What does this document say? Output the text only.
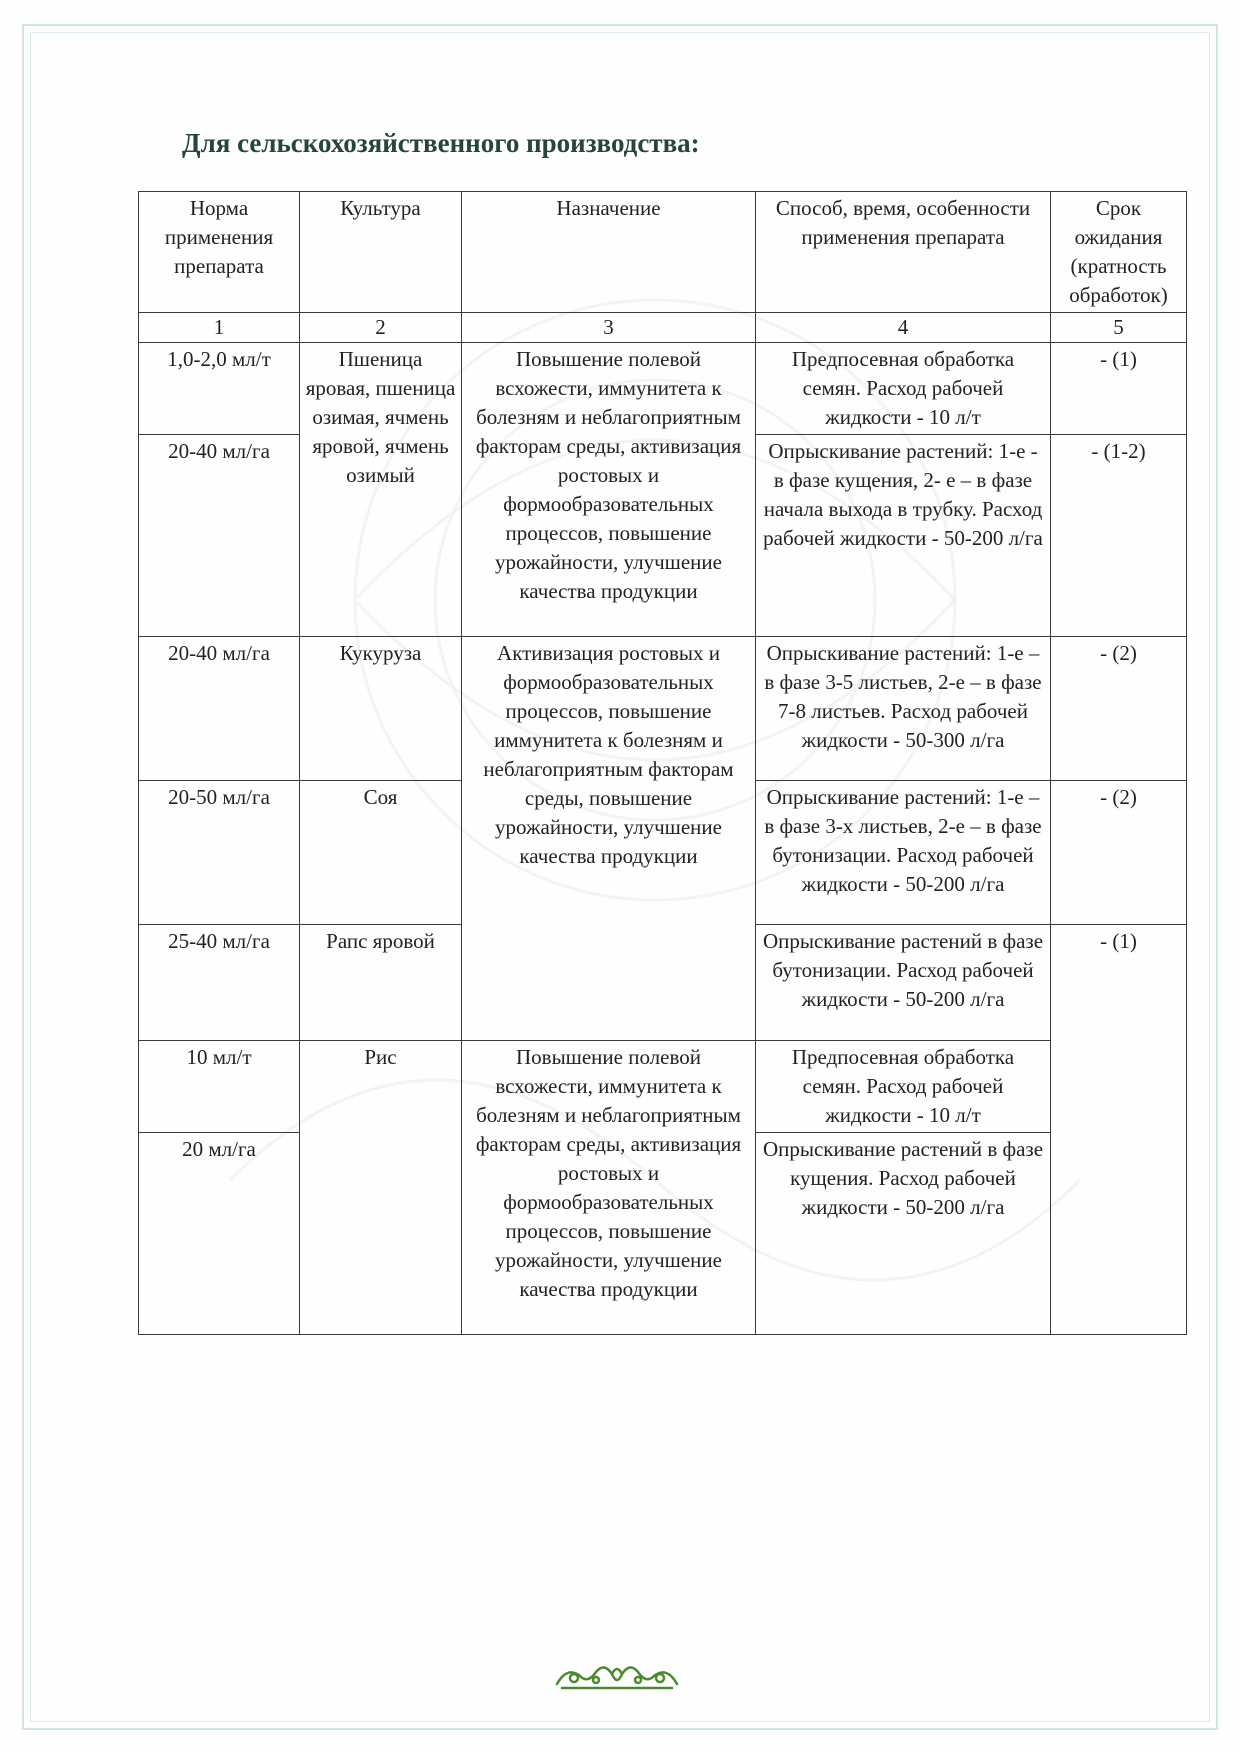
Для сельскохозяйственного производства:
Норма применения препарата	Культура	Назначение	Способ, время, особенности применения препарата	Срок ожидания (кратность обработок)
1	2	3	4	5
1,0-2,0 мл/т	Пшеница яровая, пшеница озимая, ячмень яровой, ячмень озимый	Повышение полевой всхожести, иммунитета к болезням и неблагоприятным факторам среды, активизация ростовых и формообразовательных процессов, повышение урожайности, улучшение качества продукции	Предпосевная обработка семян. Расход рабочей жидкости - 10 л/т	- (1)
20-40 мл/га			Опрыскивание растений: 1-е - в фазе кущения, 2- е – в фазе начала выхода в трубку. Расход рабочей жидкости - 50-200 л/га	- (1-2)
20-40 мл/га	Кукуруза	Активизация ростовых и формообразовательных процессов, повышение иммунитета к болезням и неблагоприятным факторам среды, повышение урожайности, улучшение качества продукции	Опрыскивание растений: 1-е – в фазе 3-5 листьев, 2-е – в фазе 7-8 листьев. Расход рабочей жидкости - 50-300 л/га	- (2)
20-50 мл/га	Соя		Опрыскивание растений: 1-е – в фазе 3-х листьев, 2-е – в фазе бутонизации. Расход рабочей жидкости - 50-200 л/га	- (2)
25-40 мл/га	Рапс яровой		Опрыскивание растений в фазе бутонизации. Расход рабочей жидкости - 50-200 л/га	- (1)
10 мл/т	Рис	Повышение полевой всхожести, иммунитета к болезням и неблагоприятным факторам среды, активизация ростовых и формообразовательных процессов, повышение урожайности, улучшение качества продукции	Предпосевная обработка семян. Расход рабочей жидкости - 10 л/т	
20 мл/га			Опрыскивание растений в фазе кущения. Расход рабочей жидкости - 50-200 л/га	
